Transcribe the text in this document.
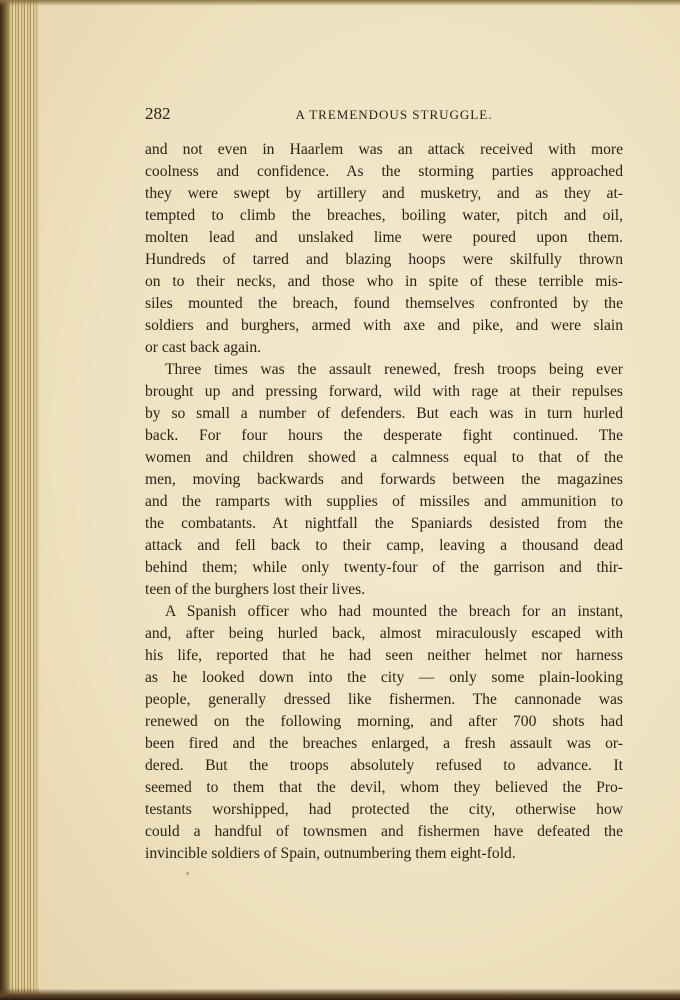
282	A TREMENDOUS STRUGGLE.
and not even in Haarlem was an attack received with more
coolness and confidence. As the storming parties approached
they were swept by artillery and musketry, and as they at-
tempted to climb the breaches, boiling water, pitch and oil,
molten lead and unslaked lime were poured upon them.
Hundreds of tarred and blazing hoops were skilfully thrown
on to their necks, and those who in spite of these terrible mis-
siles mounted the breach, found themselves confronted by the
soldiers and burghers, armed with axe and pike, and were slain
or cast back again.
Three times was the assault renewed, fresh troops being ever
brought up and pressing forward, wild with rage at their repulses
by so small a number of defenders. But each was in turn hurled
back. For four hours the desperate fight continued. The
women and children showed a calmness equal to that of the
men, moving backwards and forwards between the magazines
and the ramparts with supplies of missiles and ammunition to
the combatants. At nightfall the Spaniards desisted from the
attack and fell back to their camp, leaving a thousand dead
behind them; while only twenty-four of the garrison and thir-
teen of the burghers lost their lives.
A Spanish officer who had mounted the breach for an instant,
and, after being hurled back, almost miraculously escaped with
his life, reported that he had seen neither helmet nor harness
as he looked down into the city — only some plain-looking
people, generally dressed like fishermen. The cannonade was
renewed on the following morning, and after 700 shots had
been fired and the breaches enlarged, a fresh assault was or-
dered. But the troops absolutely refused to advance. It
seemed to them that the devil, whom they believed the Pro-
testants worshipped, had protected the city, otherwise how
could a handful of townsmen and fishermen have defeated the
invincible soldiers of Spain, outnumbering them eight-fold.
